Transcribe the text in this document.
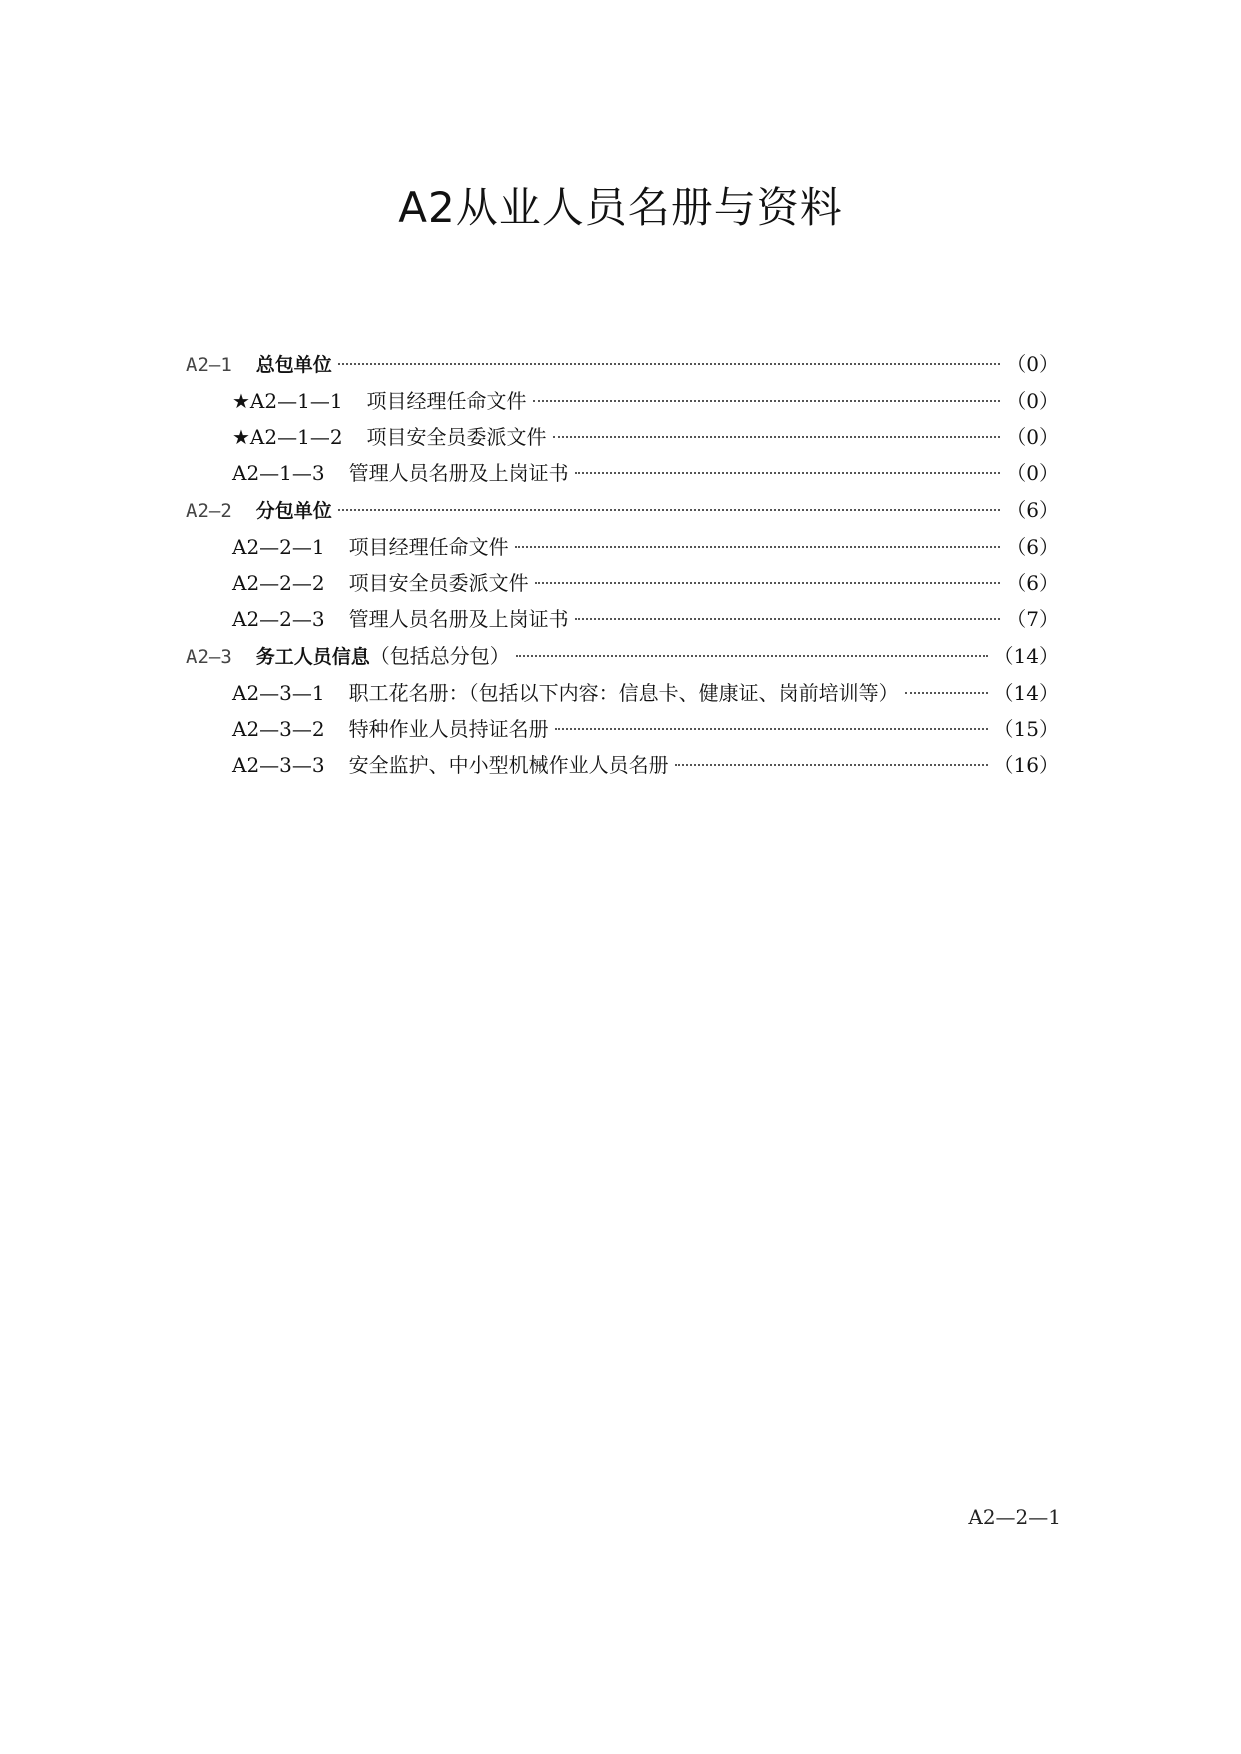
A2从业人员名册与资料
A2—1 总包单位	（0）
★A2—1—1 项目经理任命文件	（0）
★A2—1—2 项目安全员委派文件	（0）
A2—1—3 管理人员名册及上岗证书	（0）
A2—2 分包单位	（6）
A2—2—1 项目经理任命文件	（6）
A2—2—2 项目安全员委派文件	（6）
A2—2—3 管理人员名册及上岗证书	（7）
A2—3 务工人员信息（包括总分包）	（14）
A2—3—1 职工花名册：（包括以下内容：信息卡、健康证、岗前培训等）	（14）
A2—3—2 特种作业人员持证名册	（15）
A2—3—3 安全监护、中小型机械作业人员名册	（16）
A2—2—1
